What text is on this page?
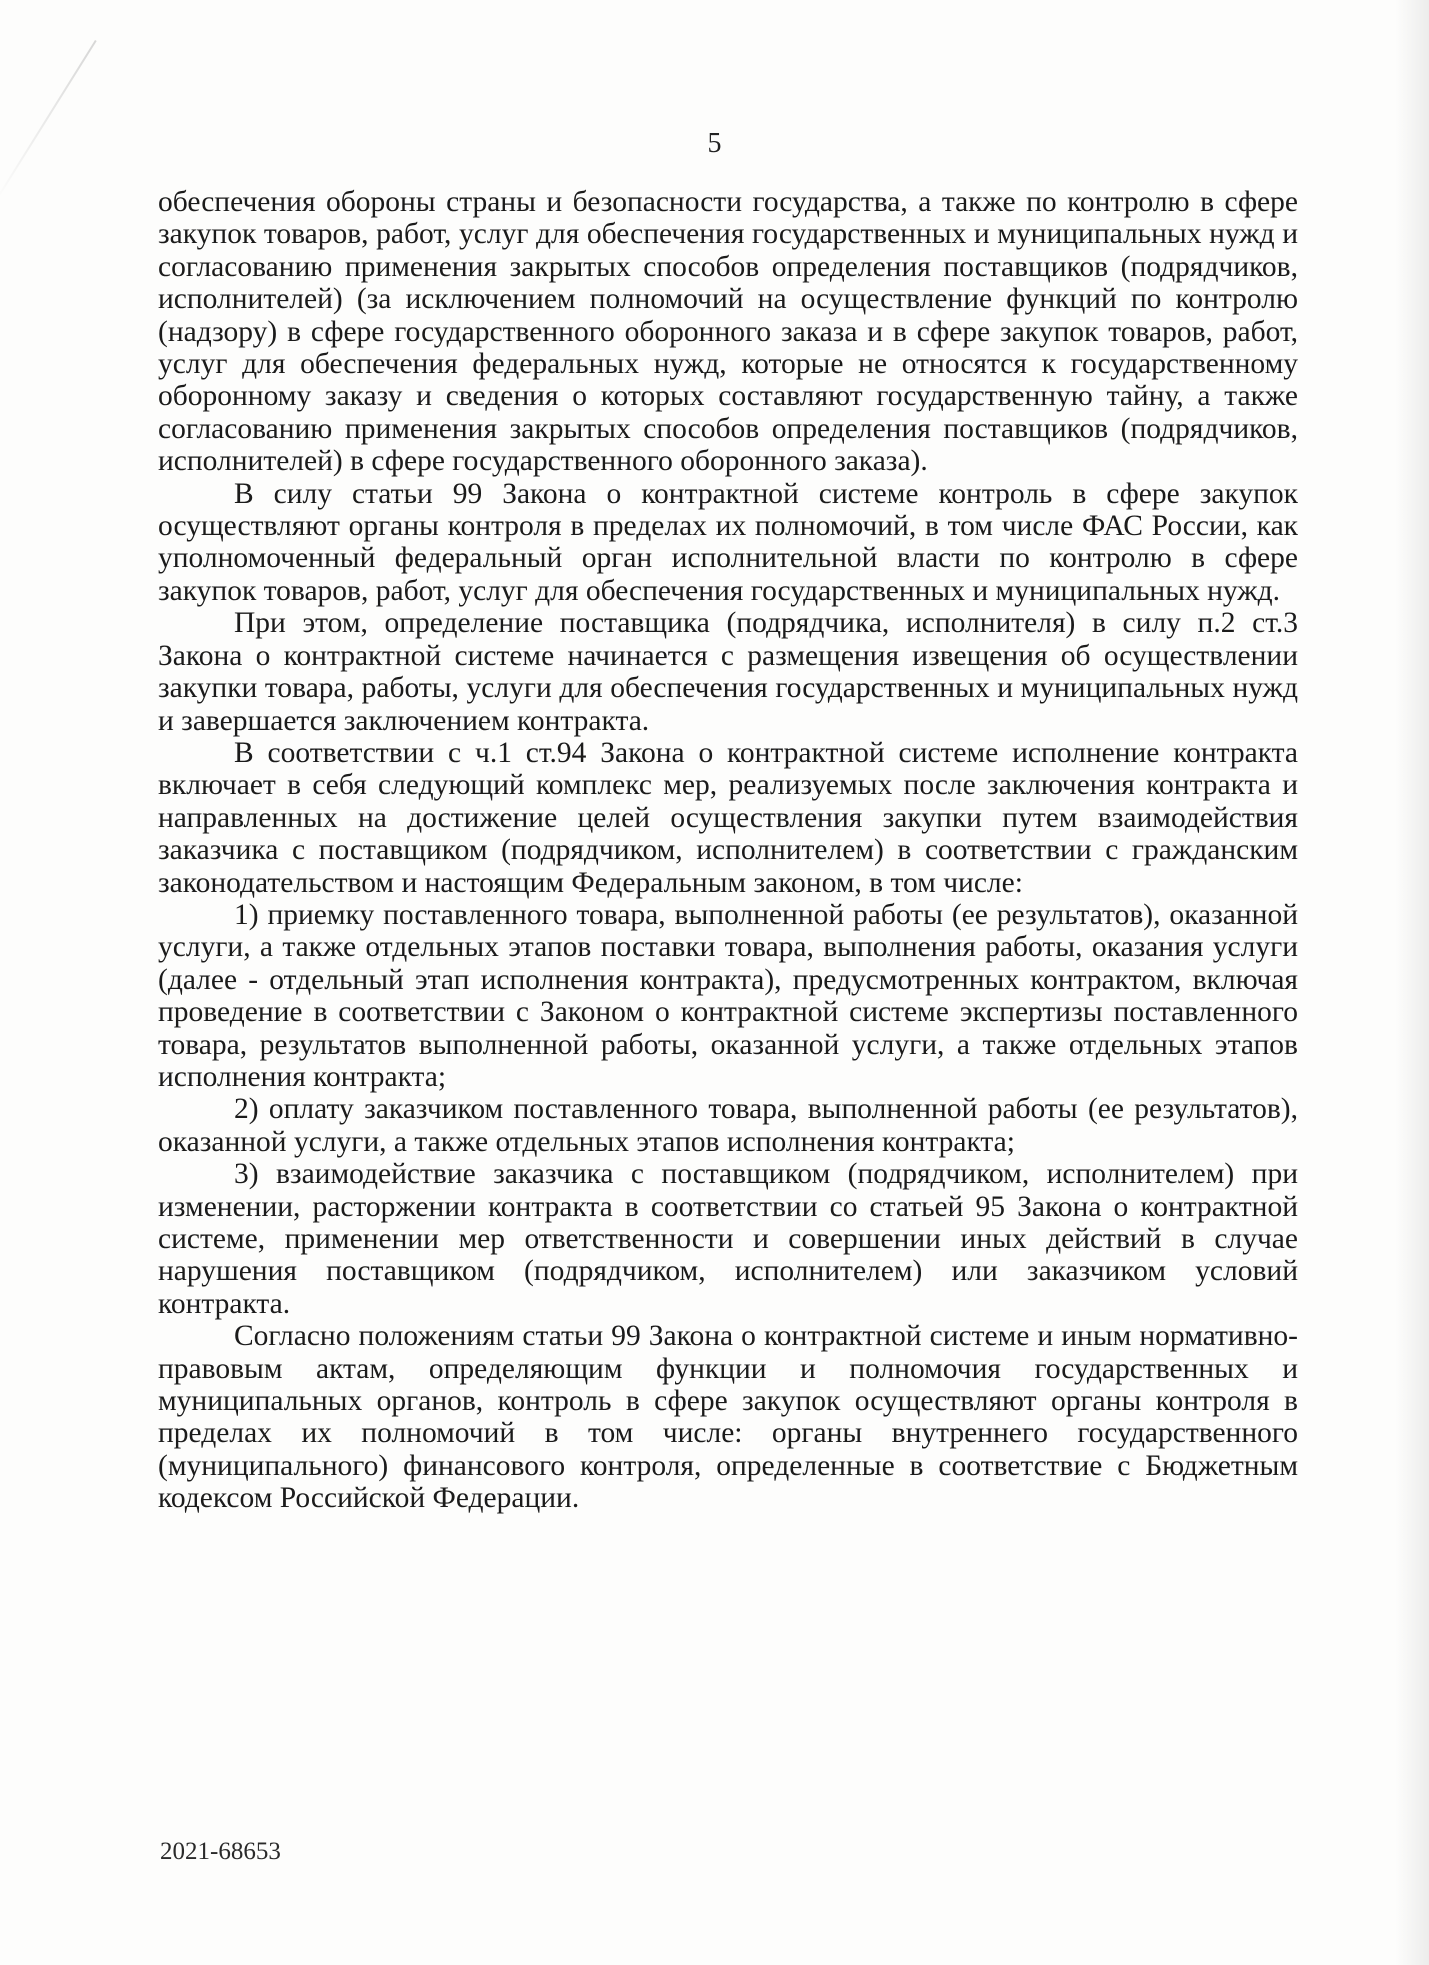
5

обеспечения обороны страны и безопасности государства, а также по контролю в сфере закупок товаров, работ, услуг для обеспечения государственных и муниципальных нужд и согласованию применения закрытых способов определения поставщиков (подрядчиков, исполнителей) (за исключением полномочий на осуществление функций по контролю (надзору) в сфере государственного оборонного заказа и в сфере закупок товаров, работ, услуг для обеспечения федеральных нужд, которые не относятся к государственному оборонному заказу и сведения о которых составляют государственную тайну, а также согласованию применения закрытых способов определения поставщиков (подрядчиков, исполнителей) в сфере государственного оборонного заказа).

В силу статьи 99 Закона о контрактной системе контроль в сфере закупок осуществляют органы контроля в пределах их полномочий, в том числе ФАС России, как уполномоченный федеральный орган исполнительной власти по контролю в сфере закупок товаров, работ, услуг для обеспечения государственных и муниципальных нужд.

При этом, определение поставщика (подрядчика, исполнителя) в силу п.2 ст.3 Закона о контрактной системе начинается с размещения извещения об осуществлении закупки товара, работы, услуги для обеспечения государственных и муниципальных нужд и завершается заключением контракта.

В соответствии с ч.1 ст.94 Закона о контрактной системе исполнение контракта включает в себя следующий комплекс мер, реализуемых после заключения контракта и направленных на достижение целей осуществления закупки путем взаимодействия заказчика с поставщиком (подрядчиком, исполнителем) в соответствии с гражданским законодательством и настоящим Федеральным законом, в том числе:

1) приемку поставленного товара, выполненной работы (ее результатов), оказанной услуги, а также отдельных этапов поставки товара, выполнения работы, оказания услуги (далее - отдельный этап исполнения контракта), предусмотренных контрактом, включая проведение в соответствии с Законом о контрактной системе экспертизы поставленного товара, результатов выполненной работы, оказанной услуги, а также отдельных этапов исполнения контракта;

2) оплату заказчиком поставленного товара, выполненной работы (ее результатов), оказанной услуги, а также отдельных этапов исполнения контракта;

3) взаимодействие заказчика с поставщиком (подрядчиком, исполнителем) при изменении, расторжении контракта в соответствии со статьей 95 Закона о контрактной системе, применении мер ответственности и совершении иных действий в случае нарушения поставщиком (подрядчиком, исполнителем) или заказчиком условий контракта.

Согласно положениям статьи 99 Закона о контрактной системе и иным нормативно-правовым актам, определяющим функции и полномочия государственных и муниципальных органов, контроль в сфере закупок осуществляют органы контроля в пределах их полномочий в том числе: органы внутреннего государственного (муниципального) финансового контроля, определенные в соответствие с Бюджетным кодексом Российской Федерации.

2021-68653
